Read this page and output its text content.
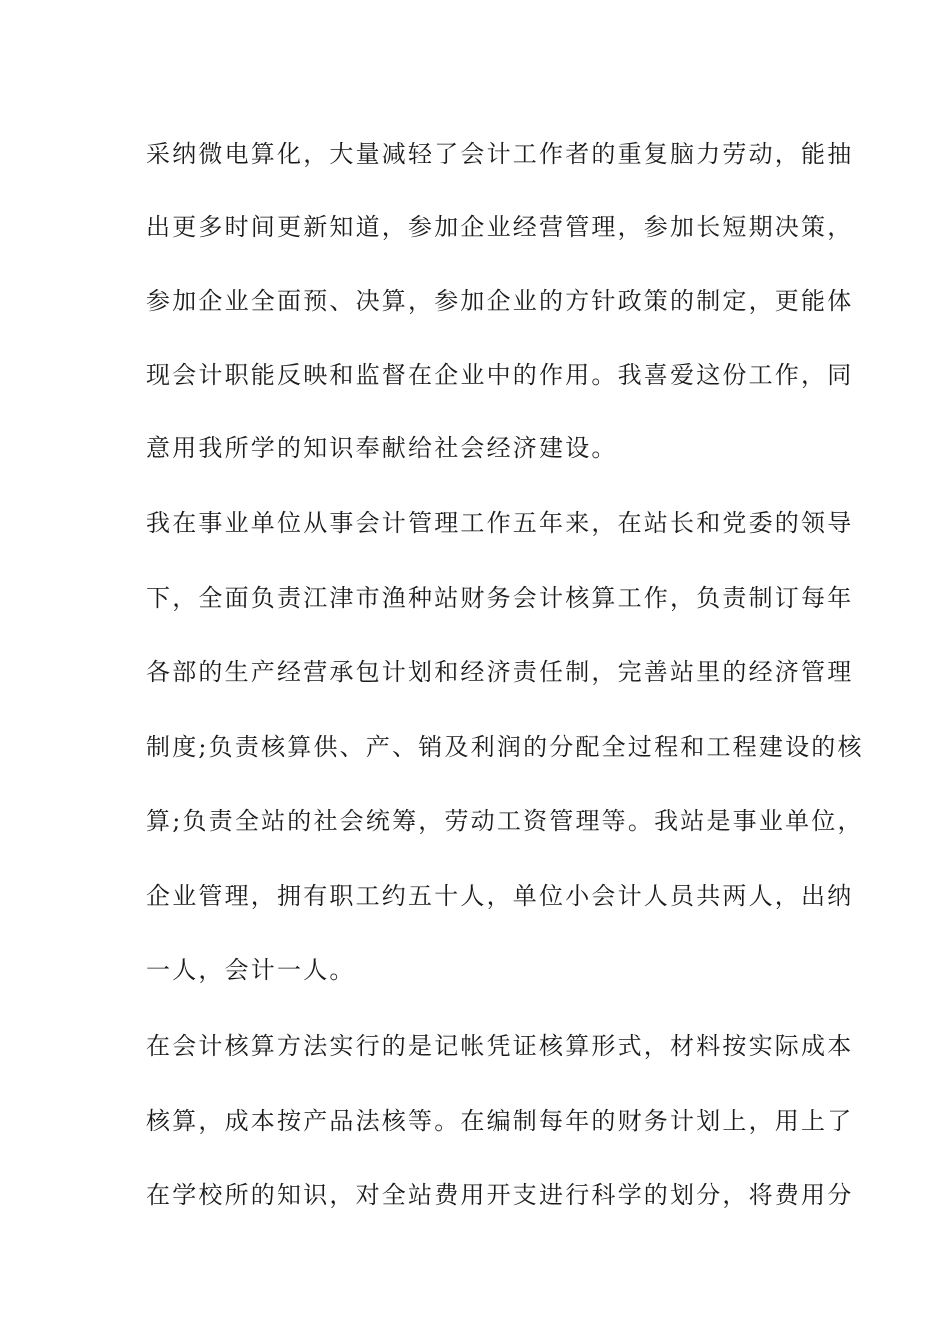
采纳微电算化，大量减轻了会计工作者的重复脑力劳动，能抽
出更多时间更新知道，参加企业经营管理，参加长短期决策，
参加企业全面预、决算，参加企业的方针政策的制定，更能体
现会计职能反映和监督在企业中的作用。我喜爱这份工作，同
意用我所学的知识奉献给社会经济建设。
我在事业单位从事会计管理工作五年来，在站长和党委的领导
下，全面负责江津市渔种站财务会计核算工作，负责制订每年
各部的生产经营承包计划和经济责任制，完善站里的经济管理
制度;负责核算供、产、销及利润的分配全过程和工程建设的核
算;负责全站的社会统筹，劳动工资管理等。我站是事业单位，
企业管理，拥有职工约五十人，单位小会计人员共两人，出纳
一人，会计一人。
在会计核算方法实行的是记帐凭证核算形式，材料按实际成本
核算，成本按产品法核等。在编制每年的财务计划上，用上了
在学校所的知识，对全站费用开支进行科学的划分，将费用分
